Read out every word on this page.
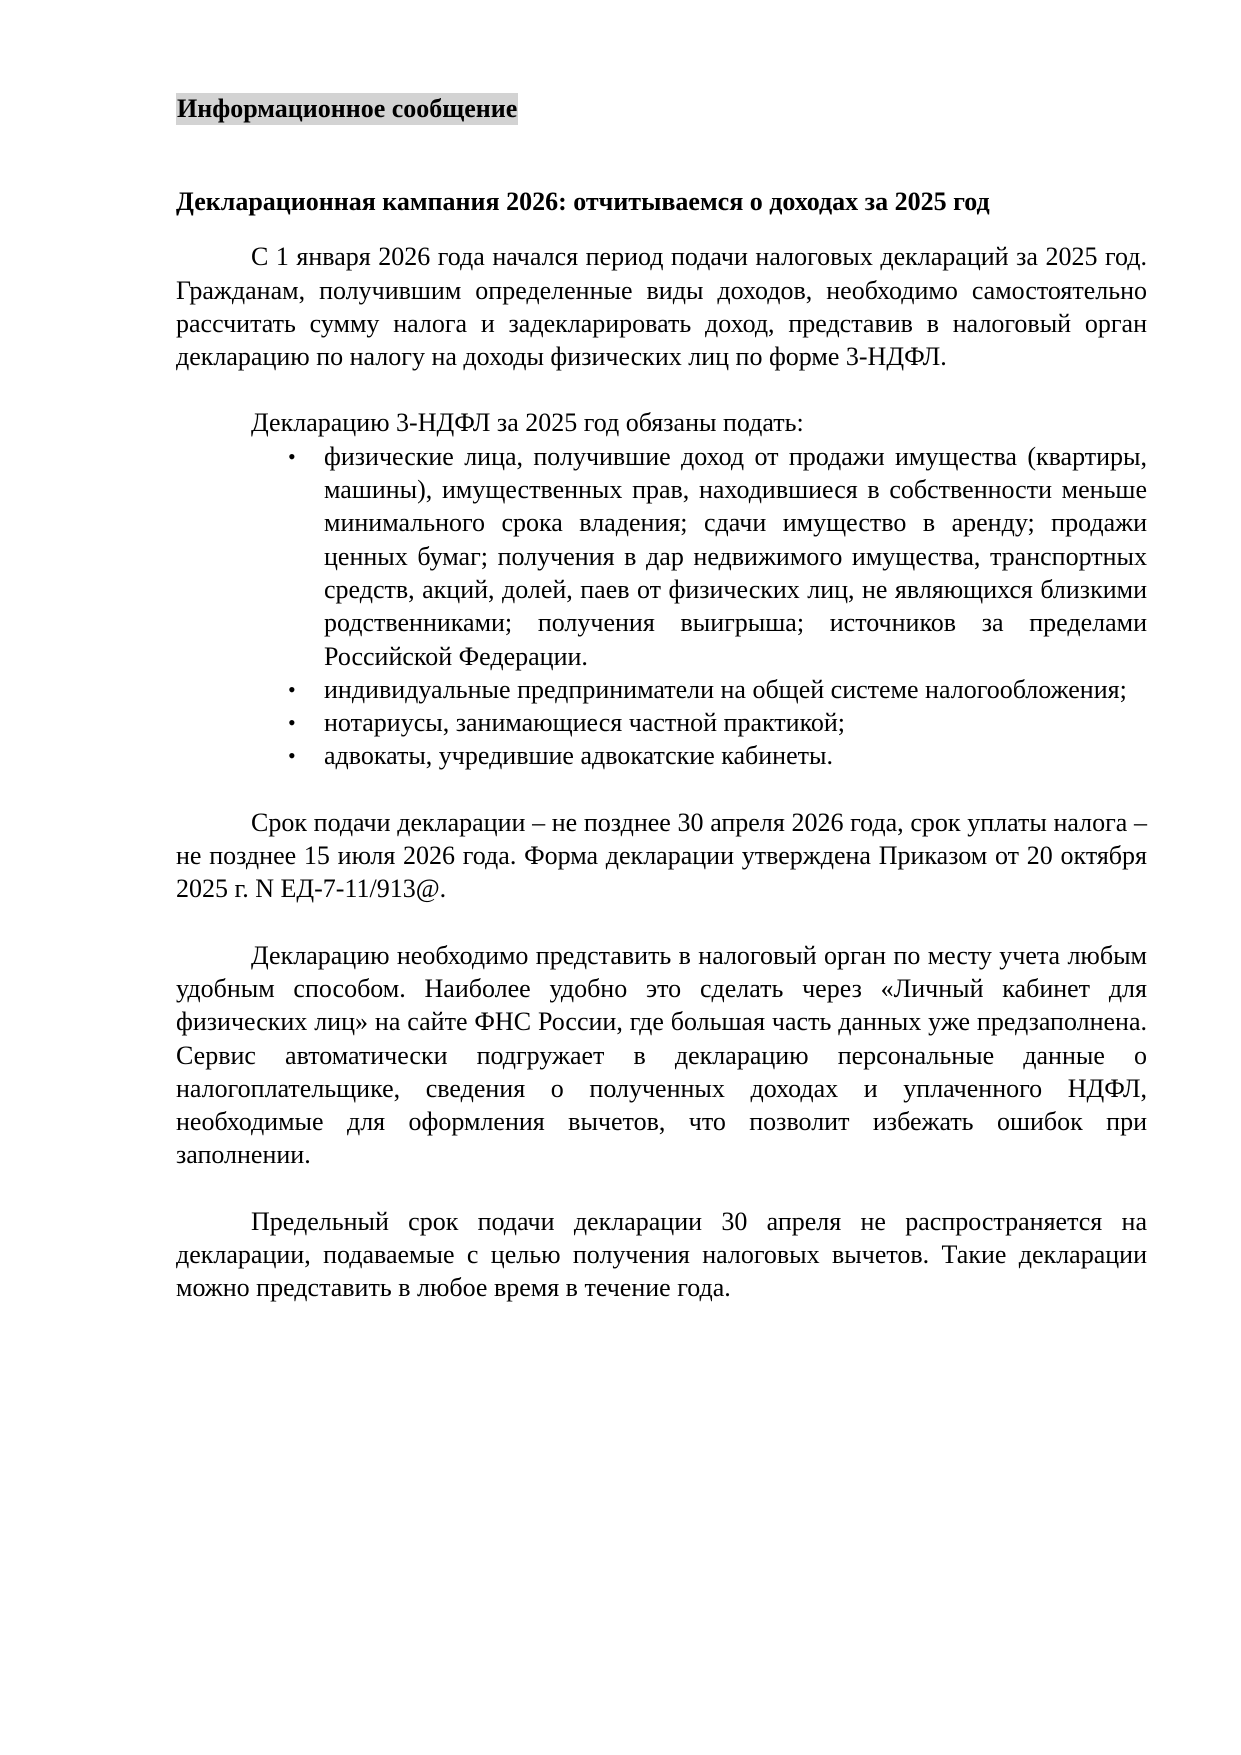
Информационное сообщение
Декларационная кампания 2026: отчитываемся о доходах за 2025 год

С 1 января 2026 года начался период подачи налоговых деклараций за 2025 год. Гражданам, получившим определенные виды доходов, необходимо самостоятельно рассчитать сумму налога и задекларировать доход, представив в налоговый орган декларацию по налогу на доходы физических лиц по форме 3-НДФЛ.

Декларацию 3-НДФЛ за 2025 год обязаны подать:

• физические лица, получившие доход от продажи имущества (квартиры, машины), имущественных прав, находившиеся в собственности меньше минимального срока владения; сдачи имущество в аренду; продажи ценных бумаг; получения в дар недвижимого имущества, транспортных средств, акций, долей, паев от физических лиц, не являющихся близкими родственниками; получения выигрыша; источников за пределами Российской Федерации.
• индивидуальные предприниматели на общей системе налогообложения;
• нотариусы, занимающиеся частной практикой;
• адвокаты, учредившие адвокатские кабинеты.

Срок подачи декларации – не позднее 30 апреля 2026 года, срок уплаты налога – не позднее 15 июля 2026 года. Форма декларации утверждена Приказом от 20 октября 2025 г. N ЕД-7-11/913@.

Декларацию необходимо представить в налоговый орган по месту учета любым удобным способом. Наиболее удобно это сделать через «Личный кабинет для физических лиц» на сайте ФНС России, где большая часть данных уже предзаполнена. Сервис автоматически подгружает в декларацию персональные данные о налогоплательщике, сведения о полученных доходах и уплаченного НДФЛ, необходимые для оформления вычетов, что позволит избежать ошибок при заполнении.

Предельный срок подачи декларации 30 апреля не распространяется на декларации, подаваемые с целью получения налоговых вычетов. Такие декларации можно представить в любое время в течение года.
